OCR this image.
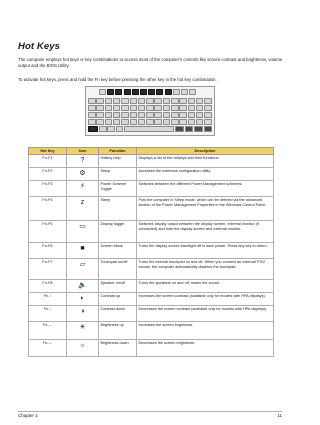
Hot Keys

The computer employs hot keys or key combinations to access most of the computer's controls like screen contrast and brightness, volume output and the BIOS Utility.

To activate hot keys, press and hold the Fn key before pressing the other key in the hot key combination.

Hot Key	Icon	Function	Description
Fn-F1	?	Hotkey help	Displays a list of the hotkeys and their functions.
Fn-F2	⚙	Setup	Accesses the notebook configuration utility.
Fn-F3	⚡	Power Scheme Toggle	Switches between the different Power Management schemes.
Fn-F4	z	Sleep	Puts the computer in Sleep mode, which can be defined via the advanced section of the Power Management Properties in the Windows Control Panel.
Fn-F5	▭	Display toggle	Switches display output between the display screen, external monitor (if connected) and both the display screen and external monitor.
Fn-F6	■	Screen blank	Turns the display screen backlight off to save power. Press any key to return.
Fn-F7	▱	Touchpad on/off	Turns the internal touchpad on and off. When you connect an external PS/2 mouse, the computer automatically disables the touchpad.
Fn-F8	🔈	Speaker on/off	Turns the speakers on and off; mutes the sound.
Fn-↑	◐	Contrast up	Increases the screen contrast (available only for models with HPA displays).
Fn-↓	◑	Contrast down	Decreases the screen contrast (available only for models with HPA displays).
Fn-→	☀	Brightness up	Increases the screen brightness.
Fn-←	☼	Brightness down	Decreases the screen brightness.
Chapter 1	11
